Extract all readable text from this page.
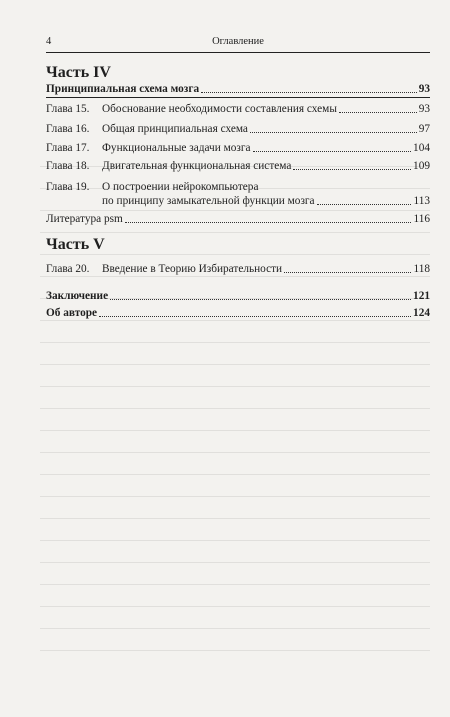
4	Оглавление
Часть IV
Принципиальная схема мозга	93
Глава 15. Обоснование необходимости составления схемы	93
Глава 16. Общая принципиальная схема	97
Глава 17. Функциональные задачи мозга	104
Глава 18. Двигательная функциональная система	109
Глава 19. О построении нейрокомпьютера
по принципу замыкательной функции мозга	113
Литература psm	116
Часть V
Глава 20. Введение в Теорию Избирательности	118
Заключение	121
Об авторе	124
